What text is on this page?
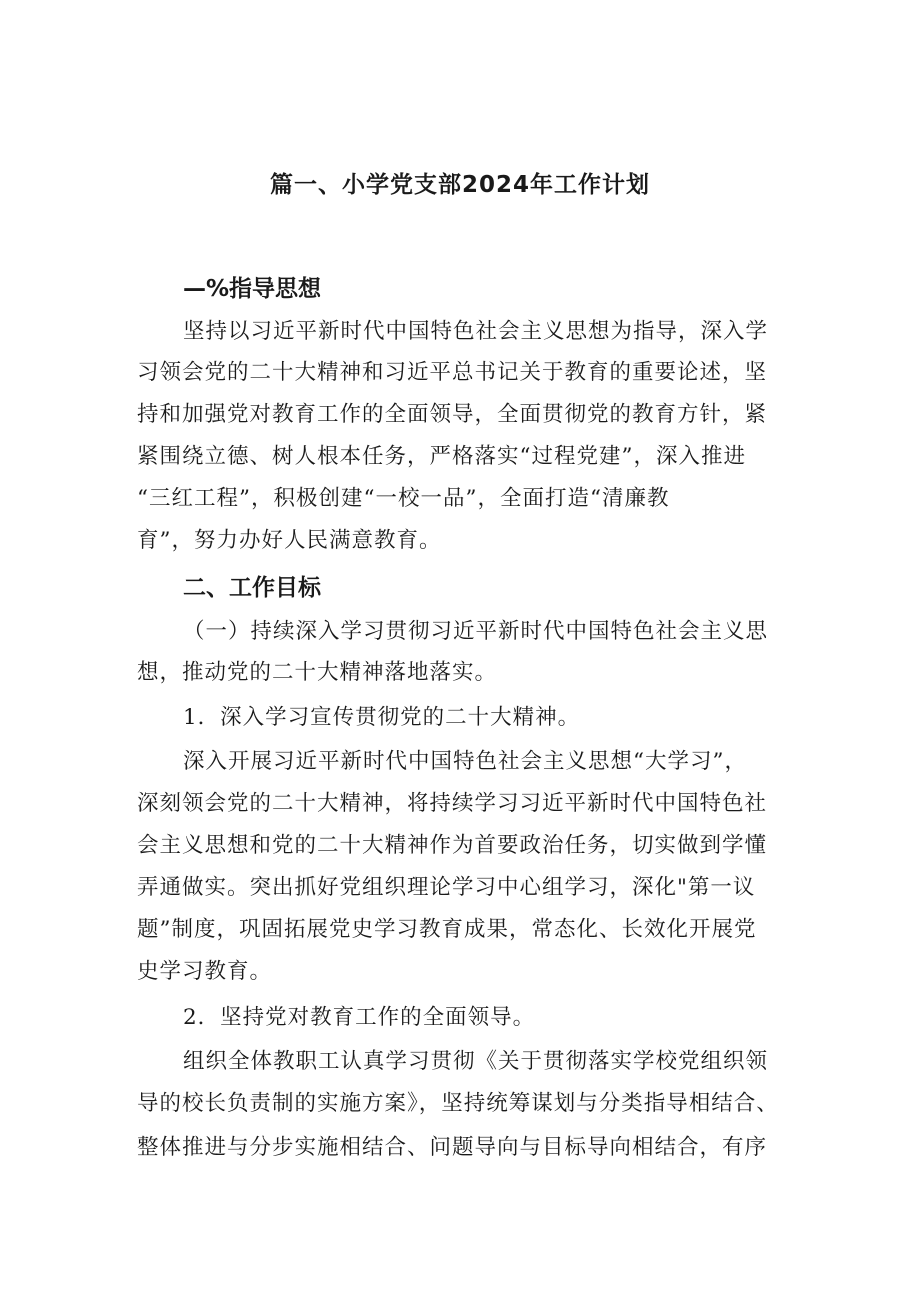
篇一、小学党支部2024年工作计划
—%指导思想
坚持以习近平新时代中国特色社会主义思想为指导，深入学
习领会党的二十大精神和习近平总书记关于教育的重要论述，坚
持和加强党对教育工作的全面领导，全面贯彻党的教育方针，紧
紧围绕立德、树人根本任务，严格落实“过程党建”，深入推进
“三红工程”，积极创建“一校一品”，全面打造“清廉教
育”，努力办好人民满意教育。
二、工作目标
（一）持续深入学习贯彻习近平新时代中国特色社会主义思
想，推动党的二十大精神落地落实。
1．深入学习宣传贯彻党的二十大精神。
深入开展习近平新时代中国特色社会主义思想“大学习”，
深刻领会党的二十大精神，将持续学习习近平新时代中国特色社
会主义思想和党的二十大精神作为首要政治任务，切实做到学懂
弄通做实。突出抓好党组织理论学习中心组学习，深化"第一议
题”制度，巩固拓展党史学习教育成果，常态化、长效化开展党
史学习教育。
2．坚持党对教育工作的全面领导。
组织全体教职工认真学习贯彻《关于贯彻落实学校党组织领
导的校长负责制的实施方案》，坚持统筹谋划与分类指导相结合、
整体推进与分步实施相结合、问题导向与目标导向相结合，有序
